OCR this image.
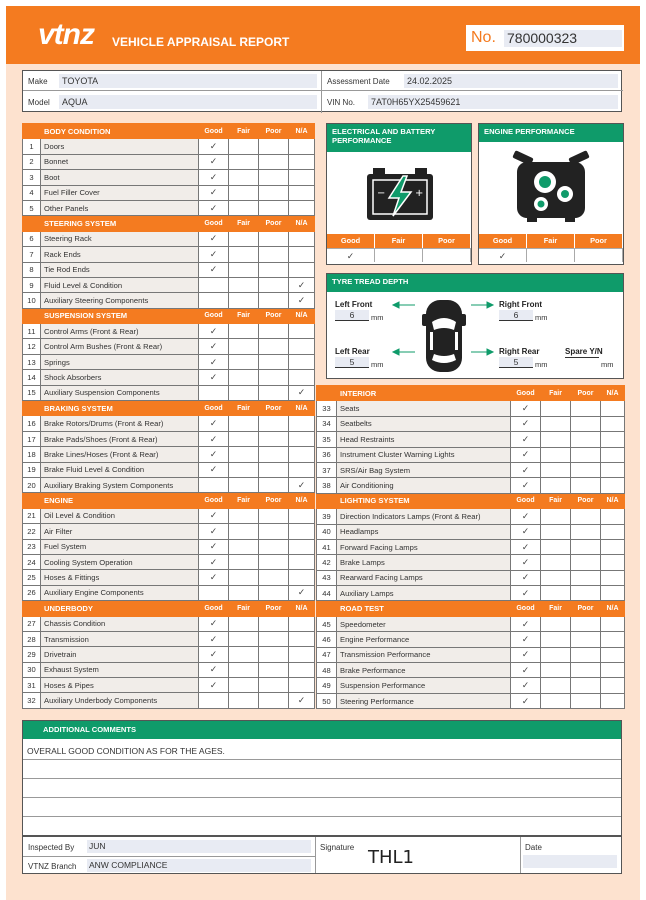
vtnz VEHICLE APPRAISAL REPORT	No. 780000323
Make	TOYOTA	Assessment Date	24.02.2025
Model	AQUA	VIN No.	7AT0H65YX25459621
	BODY CONDITION	Good	Fair	Poor	N/A
1	Doors	✓			
2	Bonnet	✓			
3	Boot	✓			
4	Fuel Filler Cover	✓			
5	Other Panels	✓			
	STEERING SYSTEM	Good	Fair	Poor	N/A
6	Steering Rack	✓			
7	Rack Ends	✓			
8	Tie Rod Ends	✓			
9	Fluid Level & Condition				✓
10	Auxiliary Steering Components				✓
	SUSPENSION SYSTEM	Good	Fair	Poor	N/A
11	Control Arms (Front & Rear)	✓			
12	Control Arm Bushes (Front & Rear)	✓			
13	Springs	✓			
14	Shock Absorbers	✓			
15	Auxiliary Suspension Components				✓
	BRAKING SYSTEM	Good	Fair	Poor	N/A
16	Brake Rotors/Drums (Front & Rear)	✓			
17	Brake Pads/Shoes (Front & Rear)	✓			
18	Brake Lines/Hoses (Front & Rear)	✓			
19	Brake Fluid Level & Condition	✓			
20	Auxiliary Braking System Components				✓
	ENGINE	Good	Fair	Poor	N/A
21	Oil Level & Condition	✓			
22	Air Filter	✓			
23	Fuel System	✓			
24	Cooling System Operation	✓			
25	Hoses & Fittings	✓			
26	Auxiliary Engine Components				✓
	UNDERBODY	Good	Fair	Poor	N/A
27	Chassis Condition	✓			
28	Transmission	✓			
29	Drivetrain	✓			
30	Exhaust System	✓			
31	Hoses & Pipes	✓			
32	Auxiliary Underbody Components				✓
	INTERIOR	Good	Fair	Poor	N/A
33	Seats	✓			
34	Seatbelts	✓			
35	Head Restraints	✓			
36	Instrument Cluster Warning Lights	✓			
37	SRS/Air Bag System	✓			
38	Air Conditioning	✓			
	LIGHTING SYSTEM	Good	Fair	Poor	N/A
39	Direction Indicators Lamps (Front & Rear)	✓			
40	Headlamps	✓			
41	Forward Facing Lamps	✓			
42	Brake Lamps	✓			
43	Rearward Facing Lamps	✓			
44	Auxiliary Lamps	✓			
	ROAD TEST	Good	Fair	Poor	N/A
45	Speedometer	✓			
46	Engine Performance	✓			
47	Transmission Performance	✓			
48	Brake Performance	✓			
49	Suspension Performance	✓			
50	Steering Performance	✓			
ELECTRICAL AND BATTERY PERFORMANCE
−	+
Good	Fair	Poor
✓
ENGINE PERFORMANCE
Good	Fair	Poor
✓
TYRE TREAD DEPTH
Left Front
6	mm
Right Front
6	mm
Left Rear
5	mm
Right Rear
5	mm
Spare Y/N
mm
ADDITIONAL COMMENTS
OVERALL GOOD CONDITION AS FOR THE AGES.
Inspected By JUN
VTNZ Branch ANW COMPLIANCE
Signature THL1	Date
